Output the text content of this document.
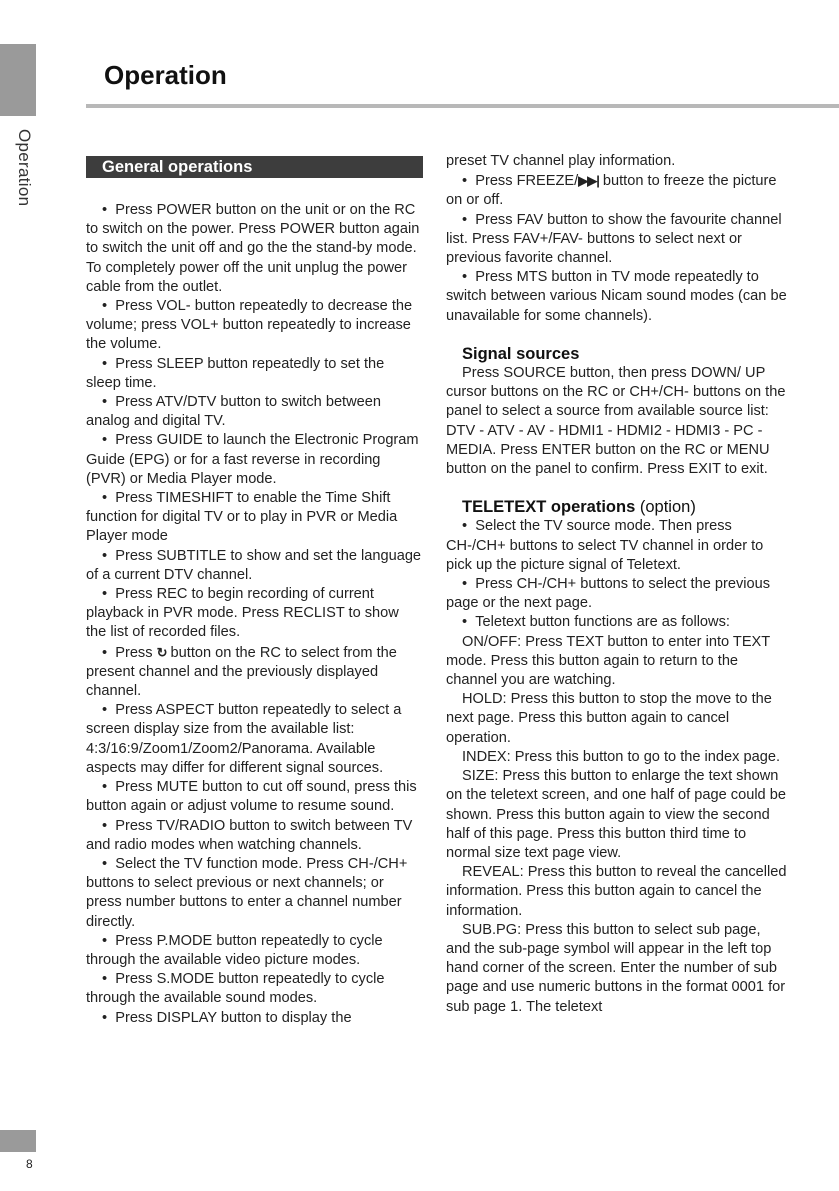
Operation
Operation
General operations
•  Press POWER button on the unit or on the RC to switch on the power. Press POWER button again to switch the unit off and go the the stand-by mode. To completely power off the unit unplug the power cable from the outlet.
•  Press VOL- button repeatedly to decrease the volume; press VOL+ button repeatedly to increase the volume.
•  Press SLEEP button repeatedly to set the sleep time.
•  Press ATV/DTV button to switch between analog and digital TV.
•  Press GUIDE to launch the Electronic Program Guide (EPG) or for a fast reverse in recording (PVR) or Media Player mode.
•  Press TIMESHIFT to enable the Time Shift function for digital TV or to play in PVR or Media Player mode
•  Press SUBTITLE to show and set the language of a current DTV channel.
•  Press REC to begin recording of current playback in PVR mode. Press RECLIST to show the list of recorded files.
•  Press ↻ button on the RC to select from the present channel and the previously displayed channel.
•  Press ASPECT button repeatedly to select a screen display size from the available list: 4:3/16:9/Zoom1/Zoom2/Panorama. Available aspects may differ for different signal sources.
•  Press MUTE button to cut off sound, press this button again or adjust volume to resume sound.
•  Press TV/RADIO button to switch between TV and radio modes when watching channels.
•  Select the TV function mode. Press CH-/CH+ buttons to select previous or next channels; or press number buttons to enter a channel number directly.
•  Press P.MODE button repeatedly to cycle through the available video picture modes.
•  Press S.MODE button repeatedly to cycle through the available sound modes.
•  Press DISPLAY button to display the
preset TV channel play information.
•  Press FREEZE/▶▶| button to freeze the picture on or off.
•  Press FAV button to show the favourite channel list. Press FAV+/FAV- buttons to select next or previous favorite channel.
•  Press MTS button in TV mode repeatedly to switch between various Nicam sound modes (can be unavailable for some channels).
Signal sources
Press SOURCE button, then press DOWN/ UP cursor buttons on the RC or CH+/CH- buttons on the panel to select a source from available source list: DTV - ATV - AV - HDMI1 - HDMI2 - HDMI3 - PC - MEDIA. Press ENTER button on the RC or MENU button on the panel to confirm. Press EXIT to exit.
TELETEXT operations (option)
•  Select the TV source mode. Then press CH-/CH+ buttons to select TV channel in order to pick up the picture signal of Teletext.
•  Press CH-/CH+ buttons to select the previous page or the next page.
•  Teletext button functions are as follows:
ON/OFF: Press TEXT button to enter into TEXT mode. Press this button again to return to the channel you are watching.
HOLD: Press this button to stop the move to the next page. Press this button again to cancel operation.
INDEX: Press this button to go to the index page.
SIZE: Press this button to enlarge the text shown on the teletext screen, and one half of page could be shown. Press this button again to view the second half of this page. Press this button third time to normal size text page view.
REVEAL: Press this button to reveal the cancelled information. Press this button again to cancel the information.
SUB.PG: Press this button to select sub page, and the sub-page symbol will appear in the left top hand corner of the screen. Enter the number of sub page and use numeric buttons in the format 0001 for sub page 1. The teletext
8
